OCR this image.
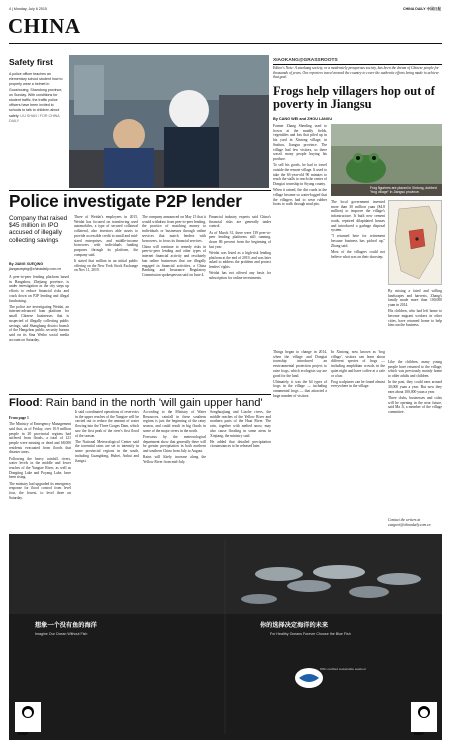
4 | Monday, July 6 2015	CHINA DAILY 中国日报
CHINA
Safety first
A police officer teaches an elementary school student how to properly wear a helmet in Guoshouing, Shandong province, on Sunday. With conditions for student traffic, the traffic police officers have been invited to schools to talk to children about safety. LIU SHAN / FOR CHINA DAILY
XIAOKANG@GRASSROOTS
Editor's Note: A xiaokang society, or a moderately prosperous society, has been the dream of Chinese people for thousands of years. Our reporters travel around the country to cover the authentic efforts being made to achieve that goal.
Frogs help villagers hop out of poverty in Jiangsu
By CANG WEI and ZHOU LANXU

Farmer Zhang Shenling used to frown at the muddy fields, vegetables and lots that piled up in his yard in Xintong village, in Suzhou, Jiangsu province. The village had few visitors, so there wasn't many people buying his produce.

To sell his goods, he had to travel outside the remote village. It used to take the 63-year-old 90 minutes to reach the stalls to reach the center of Dongtai township in Siyang county.

When it rained, the dirt roads in the village became so water-logged that the villagers had to wear rubber boots to walk through mud pits.

Frog figurines are placed in Xintong, dubbed "frog village" in Jiangsu province.

The local government invested more than 30 million yuan ($4.8 million) to improve the village's infrastructure. It built new cement roads, repaired dilapidated houses and introduced a garbage disposal system.

"I returned here for retirement because business has picked up," Zhang said.

Most of the villagers could not believe what was on their doorstep.

By mixing a fated and willing landscapes and harvests, Zhang's family made more than 100,000 yuan in 2014.

His children, who had left home to become migrant workers in other cities, have returned home to help him run the business.

Things began to change in 2014, when the village and Dongtai township introduced an environmental protection project to raise frogs, which ecologists say are good for the land.

Ultimately, it was the 64 types of frogs in the village — including ornamental frogs — that attracted a large number of visitors.

In Xintong, now known as 'frog village', visitors can learn about different species of frogs — including amphibian crowds in the quiet night and have coffee at a cafe or a bar.

Frog sculptures can be found almost everywhere in the village.

Like the children, many young people have returned to the village, which was previously mainly home to older adults and children.

In the past, they could earn around 30,000 yuan a year. But now they earn about 100,000 yuan a year.

Three clubs, businesses and cafes will be opening in the near future, said Ma Ji, a member of the village committee.

Contact the writers at cangwei@chinadaily.com.cn
Police investigate P2P lender
Company that raised $45 million in IPO accused of illegally collecting savings
By JIANG XUEQING
jiangxueqing@chinadaily.com.cn

A peer-to-peer lending platform based in Hangzhou, Zhejiang province, is under investigation as the city steps up efforts to reduce financial risks and crack down on P2P lending and illegal fundraising.

The police are investigating Weidai, an internet-advanced loan platform for small Chinese businesses that is suspected of illegally collecting public savings, said Shanghang district branch of the Hangzhou public security bureau said on its Sina Weibo social media account on Saturday.

Three of Weidai's employees in 2015, Weidai has focused on transferring used automobiles, a type of secured collateral collateral, also investors able assets to provide accessible credit to small and mid-sized enterprises, and middle-income borrowers with individuals funding purposes through its platform, the company said.

It stated that million in an initial public offering on the New York Stock Exchange on Nov 11, 2019.

The company announced on May 15 that it would withdraw from peer-to-peer lending, the practice of matching money to individuals or businesses through online services that match lenders with borrowers, to focus its financial services.

China will continue to remedy risks in peer-to-peer lending and other types of internet financial activity and resolutely ban online businesses that are illegally engaged in financial activities, a China Banking and Insurance Regulatory Commission spokesperson said on June 4.

Financial industry experts said China's financial risks are generally under control.

As of March 31, there were 139 peer-to-peer lending platforms still running, down 86 percent from the beginning of last year.

Weidai was listed as a high-risk lending platform at the end of 2019, and was later asked to address the problem and protect lenders' rights.

Weidai has not offered any basis for subscription for online investments.

Flood: Rain band in the north 'will gain upper hand'

From page 1

The Ministry of Emergency Management said that, as of Friday, over 10.9 million people in 20 provincial regions had suffered from floods, a total of 121 people were missing or dead and 68,000 residents evacuated from floods that disaster areas.

Following the heavy rainfall, rivers, water levels in the middle and lower reaches of the Yangtze River, as well as Dongting Lake and Poyang Lake, have been rising.

The ministry had upgraded its emergency response for flood control from level four, the lowest, to level three on Saturday.

It said coordinated operations of reservoirs in the upper reaches of the Yangtze will be carried out to reduce the amount of water flowing into the Three Gorges Dam, which saw the first peak of the river's first flood of the season.

The National Meteorological Center said the torrential rains are set to intensify in some provincial regions in the south, including Guangdong, Hubei, Anhui and Jiangxi.

According to the Ministry of Water Resources, rainfall in these southern regions is just the beginning of the rainy season, and could result in big floods in some of the major rivers in the north.

Forecasts by the meteorological department show that generally there will be greater precipitation in both northern and southern China from July to August.

Rains will likely increase along the Yellow River from mid-July.

Songhuajiang and Liaohe rivers, the middle reaches of the Yellow River and northern parts of the Huai River. The rain, together with melted snow, may also cause flooding in some areas in Xinjiang, the ministry said.

He added that detailed precipitation circumstances to be released later.

想象一个没有鱼的海洋
Imagine Our Ocean Without Fish
你的选择决定海洋的未来
For Healthy Oceans Forever Choose the Blue Fish
MSC certified sustainable seafood
WWF	WWF
